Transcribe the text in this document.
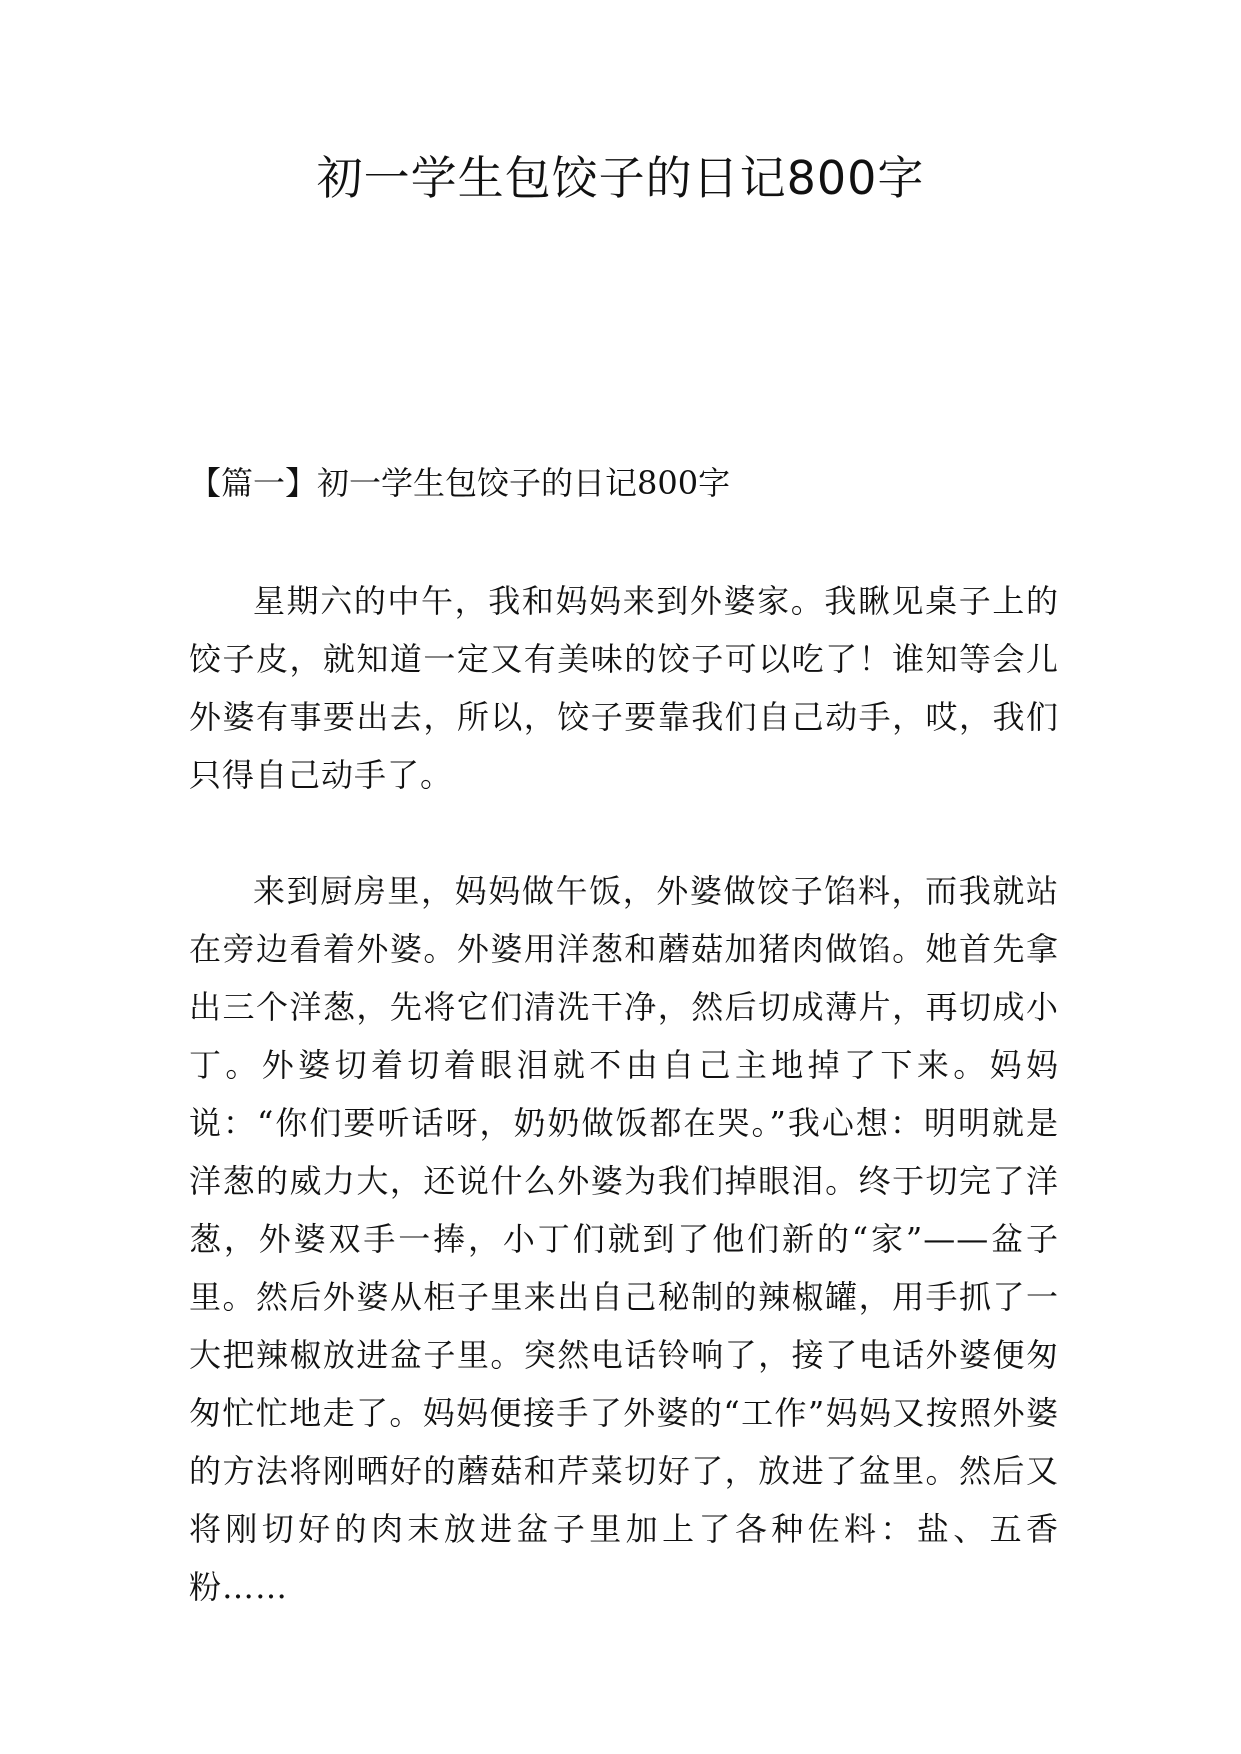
初一学生包饺子的日记800字
【篇一】初一学生包饺子的日记800字

星期六的中午，我和妈妈来到外婆家。我瞅见桌子上的饺子皮，就知道一定又有美味的饺子可以吃了！谁知等会儿外婆有事要出去，所以，饺子要靠我们自己动手，哎，我们只得自己动手了。

来到厨房里，妈妈做午饭，外婆做饺子馅料，而我就站在旁边看着外婆。外婆用洋葱和蘑菇加猪肉做馅。她首先拿出三个洋葱，先将它们清洗干净，然后切成薄片，再切成小丁。外婆切着切着眼泪就不由自己主地掉了下来。妈妈说：“你们要听话呀，奶奶做饭都在哭。”我心想：明明就是洋葱的威力大，还说什么外婆为我们掉眼泪。终于切完了洋葱，外婆双手一捧，小丁们就到了他们新的“家”——盆子里。然后外婆从柜子里来出自己秘制的辣椒罐，用手抓了一大把辣椒放进盆子里。突然电话铃响了，接了电话外婆便匆匆忙忙地走了。妈妈便接手了外婆的“工作”妈妈又按照外婆的方法将刚晒好的蘑菇和芹菜切好了，放进了盆里。然后又将刚切好的肉末放进盆子里加上了各种佐料：盐、五香粉……
